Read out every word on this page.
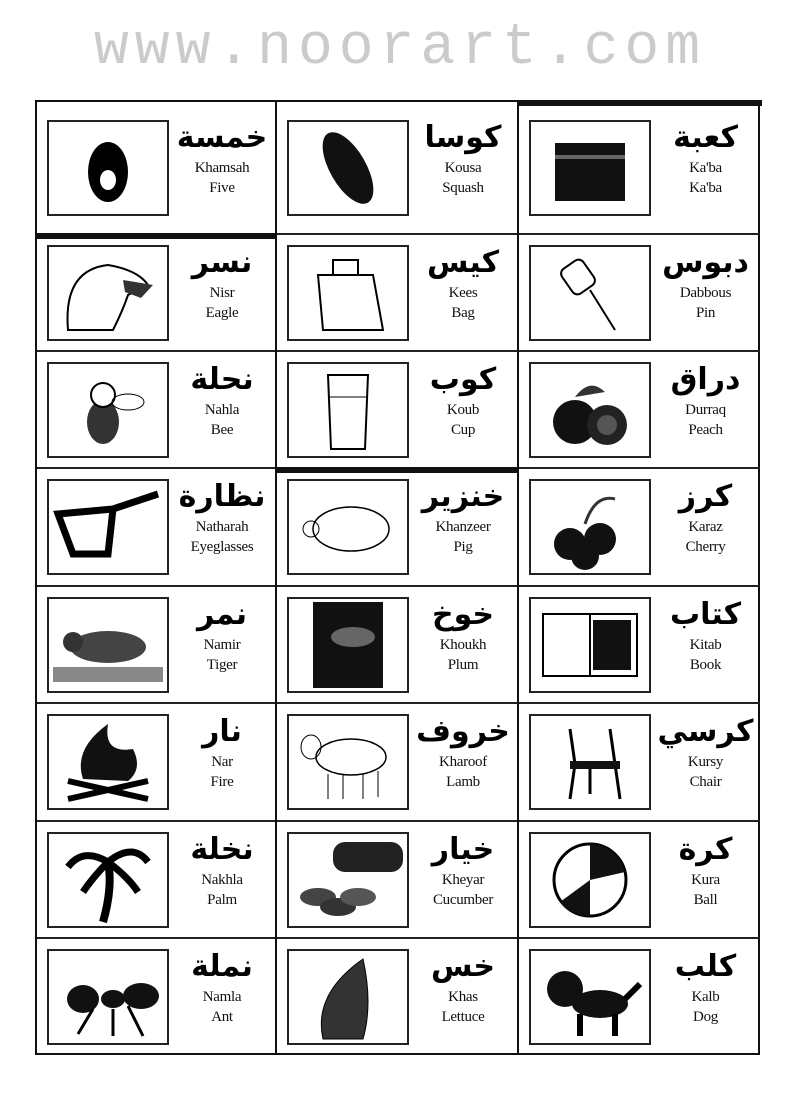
www.noorart.com
خمسة
Khamsah
Five
نسر
Nisr
Eagle
نحلة
Nahla
Bee
نظارة
Natharah
Eyeglasses
نمر
Namir
Tiger
نار
Nar
Fire
نخلة
Nakhla
Palm
نملة
Namla
Ant
كوسا
Kousa
Squash
كيس
Kees
Bag
كوب
Koub
Cup
خنزير
Khanzeer
Pig
خوخ
Khoukh
Plum
خروف
Kharoof
Lamb
خيار
Kheyar
Cucumber
خس
Khas
Lettuce
كعبة
Ka'ba
Ka'ba
دبوس
Dabbous
Pin
دراق
Durraq
Peach
كرز
Karaz
Cherry
كتاب
Kitab
Book
كرسي
Kursy
Chair
كرة
Kura
Ball
كلب
Kalb
Dog
